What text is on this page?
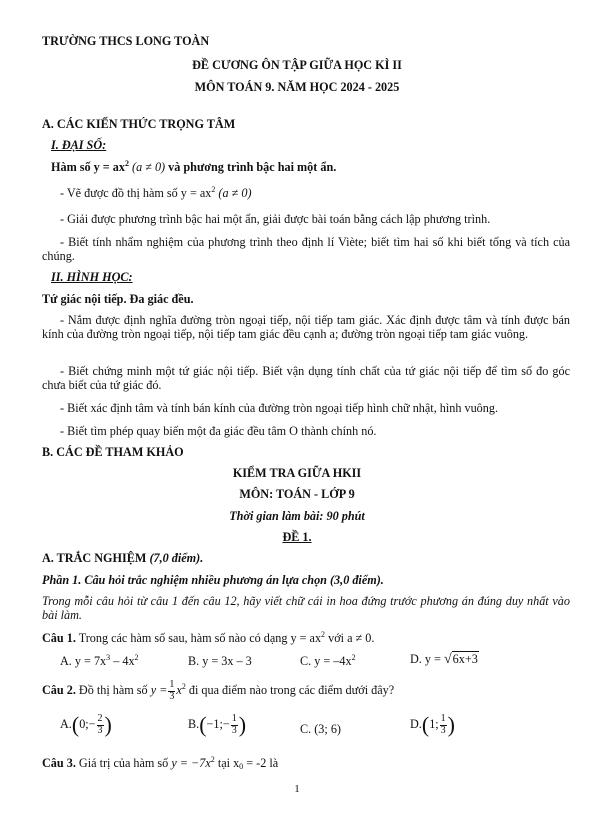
TRƯỜNG THCS LONG TOÀN
ĐỀ CƯƠNG ÔN TẬP GIỮA HỌC KÌ II
MÔN TOÁN 9. NĂM HỌC 2024 - 2025
A. CÁC KIẾN THỨC TRỌNG TÂM
I. ĐẠI SỐ:
Hàm số $y = ax^2$ (a ≠ 0) và phương trình bậc hai một ẩn.
- Vẽ được đồ thị hàm số $y = ax^2$ (a ≠ 0)
- Giải được phương trình bậc hai một ẩn, giải được bài toán bằng cách lập phương trình.
- Biết tính nhẩm nghiệm của phương trình theo định lí Viète; biết tìm hai số khi biết tổng và tích của chúng.
II. HÌNH HỌC:
Tứ giác nội tiếp. Đa giác đều.
- Nắm được định nghĩa đường tròn ngoại tiếp, nội tiếp tam giác. Xác định được tâm và tính được bán kính của đường tròn ngoại tiếp, nội tiếp tam giác đều cạnh a; đường tròn ngoại tiếp tam giác vuông.
- Biết chứng minh một tứ giác nội tiếp. Biết vận dụng tính chất của tứ giác nội tiếp để tìm số đo góc chưa biết của tứ giác đó.
- Biết xác định tâm và tính bán kính của đường tròn ngoại tiếp hình chữ nhật, hình vuông.
- Biết tìm phép quay biến một đa giác đều tâm O thành chính nó.
B. CÁC ĐỀ THAM KHẢO
KIỂM TRA GIỮA HKII
MÔN: TOÁN - LỚP 9
Thời gian làm bài: 90 phút
ĐỀ 1.
A. TRẮC NGHIỆM (7,0 điểm).
Phần 1. Câu hỏi trắc nghiệm nhiều phương án lựa chọn (3,0 điểm).
Trong mỗi câu hỏi từ câu 1 đến câu 12, hãy viết chữ cái in hoa đứng trước phương án đúng duy nhất vào bài làm.
Câu 1. Trong các hàm số sau, hàm số nào có dạng $y = ax^2$ với a ≠ 0.
A. $y = 7x^3 - 4x^2$	B. y = 3x – 3	C. $y = -4x^2$	D. y = √6x+3
Câu 2. Đồ thị hàm số $y = \frac{1}{3} x^2$ đi qua điểm nào trong các điểm dưới đây?
A.(0;− $\frac{2}{3}$ )	B.(−1;− $\frac{1}{3}$ )	C. (3; 6)	D.(1; $\frac{1}{3}$ )
Câu 3. Giá trị của hàm số $y = -7x^2$ tại $x_0 = -2$ là
1
